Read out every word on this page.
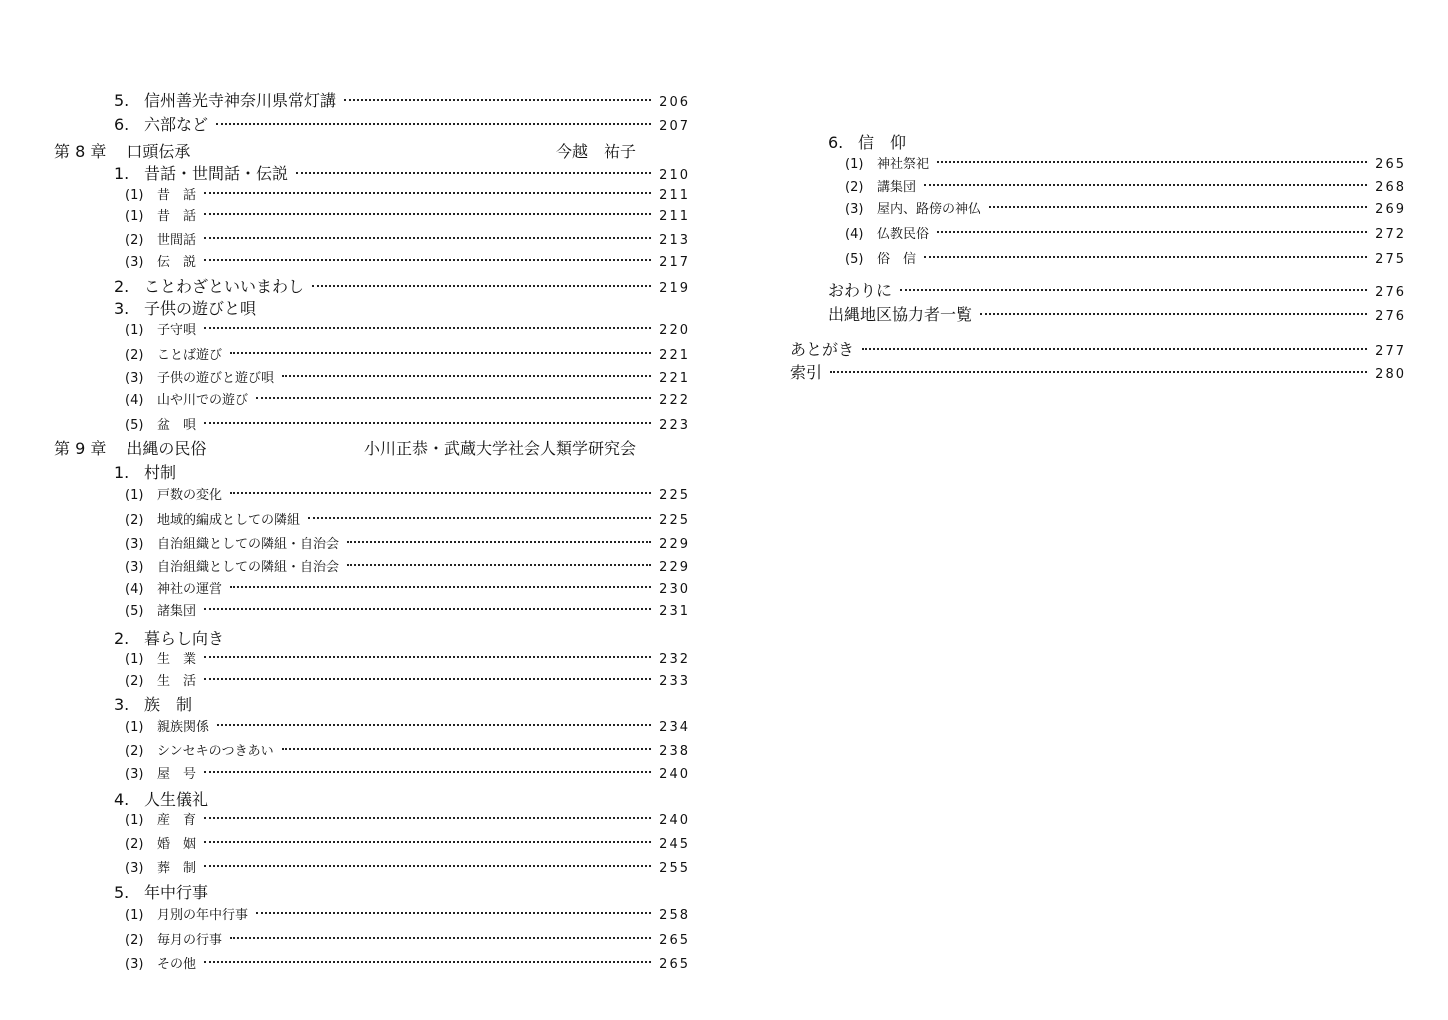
5. 信州善光寺神奈川県常灯講	206
6. 六部など	207
第 8 章 口頭伝承	今越　祐子
1. 昔話・世間話・伝説	210
(1) 昔　話	211
(1) 昔　話	211
(2) 世間話	213
(3) 伝　説	217
2. ことわざといいまわし	219
3. 子供の遊びと唄
(1) 子守唄	220
(2) ことば遊び	221
(3) 子供の遊びと遊び唄	221
(4) 山や川での遊び	222
(5) 盆　唄	223
第 9 章 出縄の民俗	小川正恭・武蔵大学社会人類学研究会
1. 村制
(1) 戸数の変化	225
(2) 地域的編成としての隣組	225
(3) 自治組織としての隣組・自治会	229
(3) 自治組織としての隣組・自治会	229
(4) 神社の運営	230
(5) 諸集団	231
2. 暮らし向き
(1) 生　業	232
(2) 生　活	233
3. 族　制
(1) 親族関係	234
(2) シンセキのつきあい	238
(3) 屋　号	240
4. 人生儀礼
(1) 産　育	240
(2) 婚　姻	245
(3) 葬　制	255
5. 年中行事
(1) 月別の年中行事	258
(2) 毎月の行事	265
(3) その他	265
6. 信　仰
(1) 神社祭祀	265
(2) 講集団	268
(3) 屋内、路傍の神仏	269
(4) 仏教民俗	272
(5) 俗　信	275
おわりに	276
出縄地区協力者一覧	276
あとがき	277
索引	280
